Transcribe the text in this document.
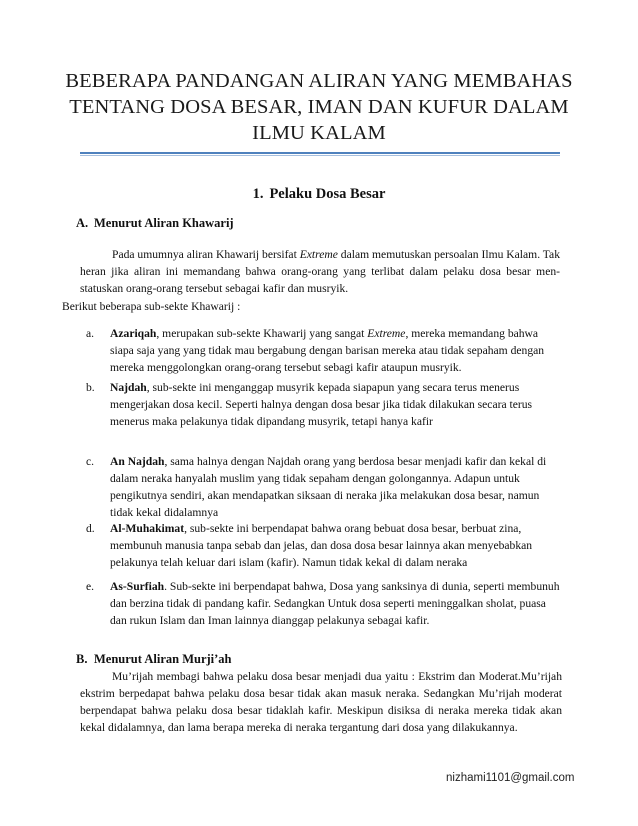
BEBERAPA PANDANGAN ALIRAN YANG MEMBAHAS TENTANG DOSA BESAR, IMAN DAN KUFUR DALAM ILMU KALAM
1. Pelaku Dosa Besar
A. Menurut Aliran Khawarij

Pada umumnya aliran Khawarij bersifat Extreme dalam memutuskan persoalan Ilmu Kalam. Tak heran jika aliran ini memandang bahwa orang-orang yang terlibat dalam pelaku dosa besar men-statuskan orang-orang tersebut sebagai kafir dan musryik.

Berikut beberapa sub-sekte Khawarij :

a. Azariqah, merupakan sub-sekte Khawarij yang sangat Extreme, mereka memandang bahwa siapa saja yang yang tidak mau bergabung dengan barisan mereka atau tidak sepaham dengan mereka menggolongkan orang-orang tersebut sebagi kafir ataupun musryik.

b. Najdah, sub-sekte ini menganggap musyrik kepada siapapun yang secara terus menerus mengerjakan dosa kecil. Seperti halnya dengan dosa besar jika tidak dilakukan secara terus menerus maka pelakunya tidak dipandang musyrik, tetapi hanya kafir

c. An Najdah, sama halnya dengan Najdah orang yang berdosa besar menjadi kafir dan kekal di dalam neraka hanyalah muslim yang tidak sepaham dengan golongannya. Adapun untuk pengikutnya sendiri, akan mendapatkan siksaan di neraka jika melakukan dosa besar, namun tidak kekal didalamnya

d. Al-Muhakimat, sub-sekte ini berpendapat bahwa orang bebuat dosa besar, berbuat zina, membunuh manusia tanpa sebab dan jelas, dan dosa dosa besar lainnya akan menyebabkan pelakunya telah keluar dari islam (kafir). Namun tidak kekal di dalam neraka

e. As-Surfiah. Sub-sekte ini berpendapat bahwa, Dosa yang sanksinya di dunia, seperti membunuh dan berzina tidak di pandang kafir. Sedangkan Untuk dosa seperti meninggalkan sholat, puasa dan rukun Islam dan Iman lainnya dianggap pelakunya sebagai kafir.

B. Menurut Aliran Murji’ah

Mu’rijah membagi bahwa pelaku dosa besar menjadi dua yaitu : Ekstrim dan Moderat.Mu’rijah ekstrim berpedapat bahwa pelaku dosa besar tidak akan masuk neraka. Sedangkan Mu’rijah moderat berpendapat bahwa pelaku dosa besar tidaklah kafir. Meskipun disiksa di neraka mereka tidak akan kekal didalamnya, dan lama berapa mereka di neraka tergantung dari dosa yang dilakukannya.

nizhami1101@gmail.com
